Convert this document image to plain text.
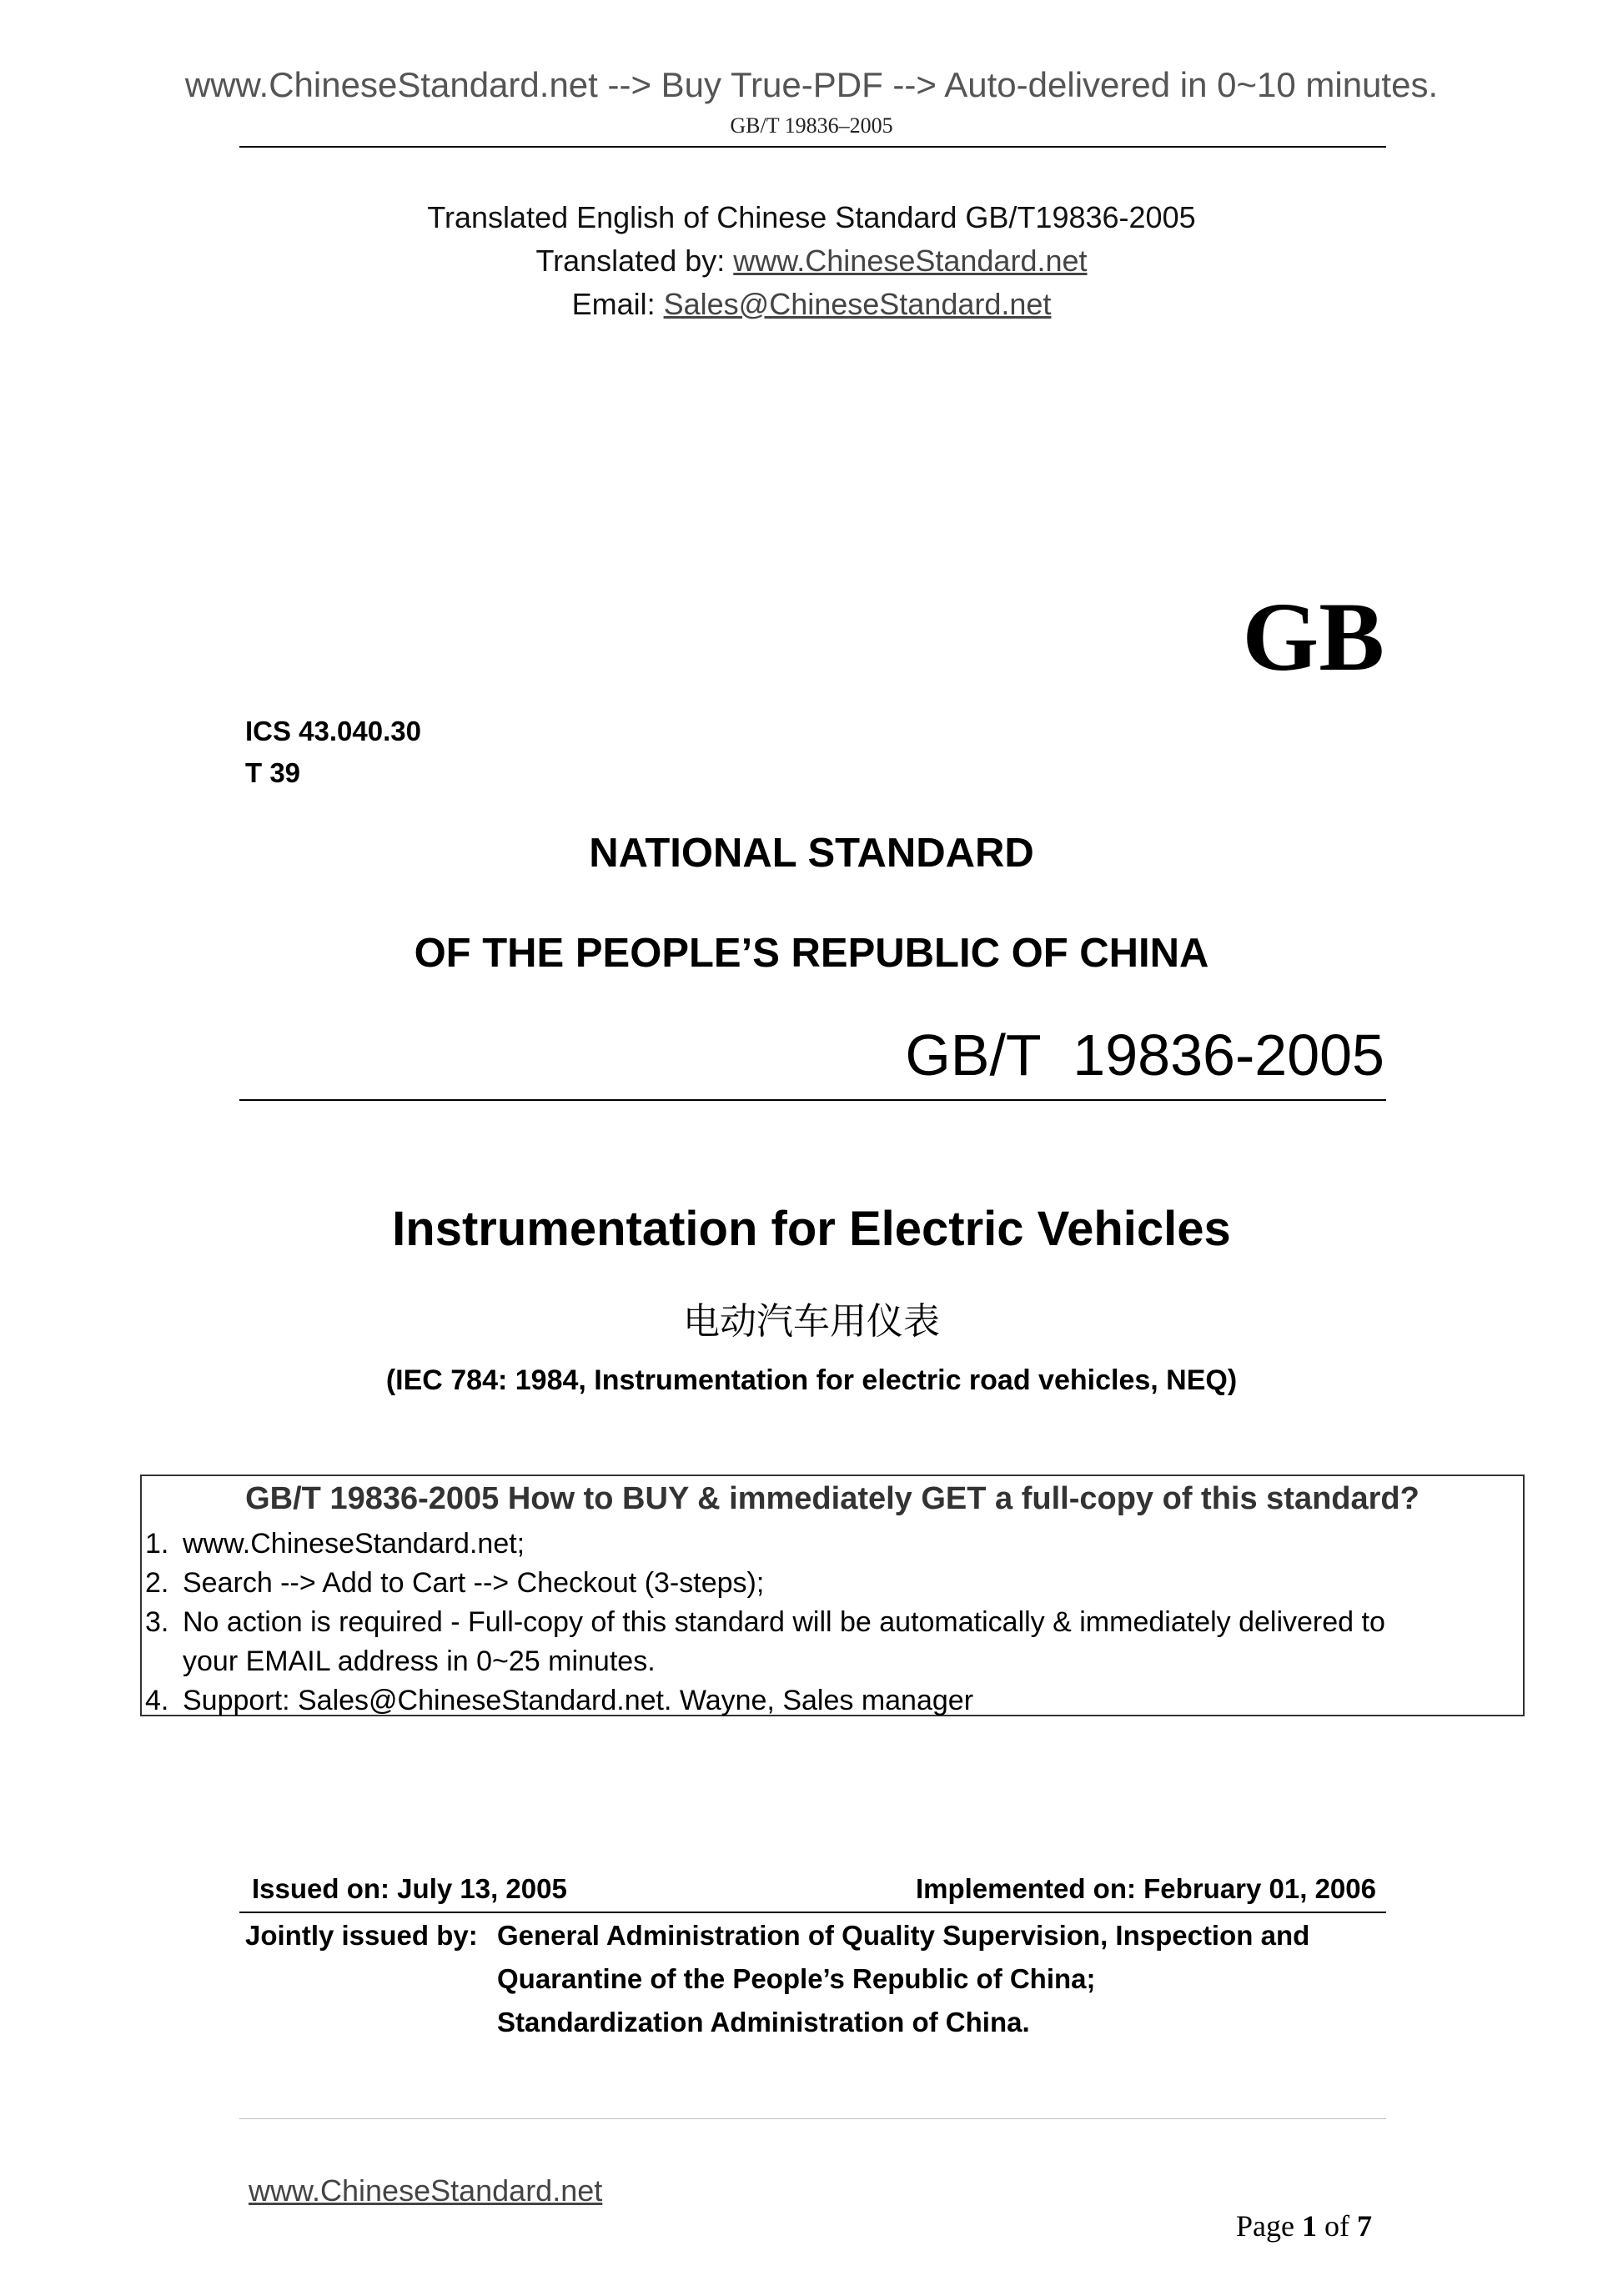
www.ChineseStandard.net --> Buy True-PDF --> Auto-delivered in 0~10 minutes.
GB/T 19836–2005
Translated English of Chinese Standard GB/T19836-2005
Translated by: www.ChineseStandard.net
Email: Sales@ChineseStandard.net
GB
ICS 43.040.30
T 39
NATIONAL STANDARD
OF THE PEOPLE’S REPUBLIC OF CHINA
GB/T  19836-2005
Instrumentation for Electric Vehicles
电动汽车用仪表
(IEC 784: 1984, Instrumentation for electric road vehicles, NEQ)
GB/T 19836-2005 How to BUY & immediately GET a full-copy of this standard?
1. www.ChineseStandard.net;
2. Search --> Add to Cart --> Checkout (3-steps);
3. No action is required - Full-copy of this standard will be automatically & immediately delivered to
your EMAIL address in 0~25 minutes.
4. Support: Sales@ChineseStandard.net. Wayne, Sales manager
Issued on: July 13, 2005	Implemented on: February 01, 2006
Jointly issued by: General Administration of Quality Supervision, Inspection and
Quarantine of the People’s Republic of China;
Standardization Administration of China.
www.ChineseStandard.net

Page 1 of 7
